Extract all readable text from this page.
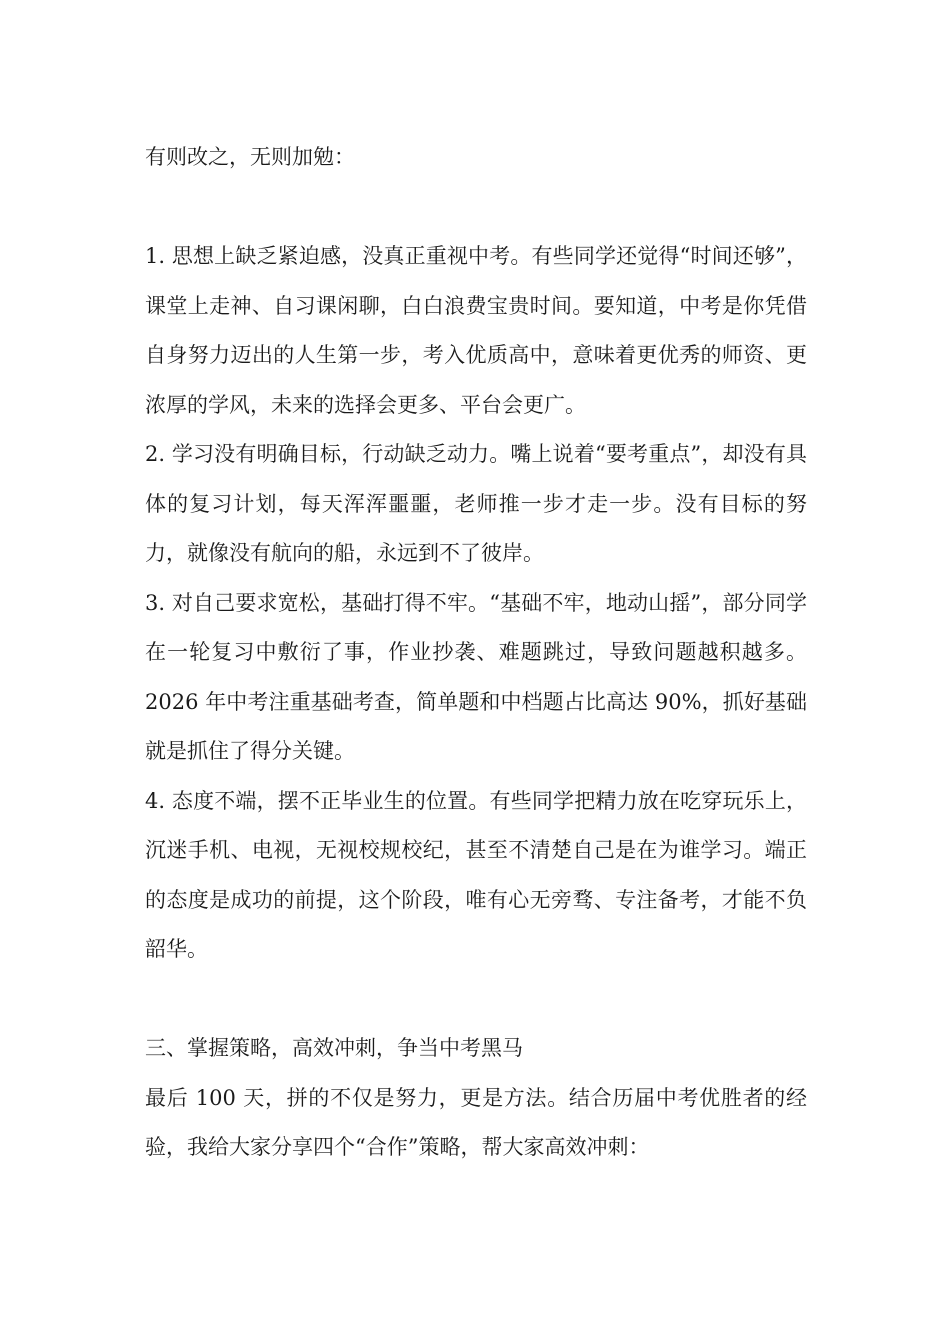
有则改之，无则加勉：

1. 思想上缺乏紧迫感，没真正重视中考。有些同学还觉得“时间还够”，课堂上走神、自习课闲聊，白白浪费宝贵时间。要知道，中考是你凭借自身努力迈出的人生第一步，考入优质高中，意味着更优秀的师资、更浓厚的学风，未来的选择会更多、平台会更广。

2. 学习没有明确目标，行动缺乏动力。嘴上说着“要考重点”，却没有具体的复习计划，每天浑浑噩噩，老师推一步才走一步。没有目标的努力，就像没有航向的船，永远到不了彼岸。

3. 对自己要求宽松，基础打得不牢。“基础不牢，地动山摇”，部分同学在一轮复习中敷衍了事，作业抄袭、难题跳过，导致问题越积越多。2026 年中考注重基础考查，简单题和中档题占比高达 90%，抓好基础就是抓住了得分关键。

4. 态度不端，摆不正毕业生的位置。有些同学把精力放在吃穿玩乐上，沉迷手机、电视，无视校规校纪，甚至不清楚自己是在为谁学习。端正的态度是成功的前提，这个阶段，唯有心无旁骛、专注备考，才能不负韶华。

三、掌握策略，高效冲刺，争当中考黑马

最后 100 天，拼的不仅是努力，更是方法。结合历届中考优胜者的经验，我给大家分享四个“合作”策略，帮大家高效冲刺：
